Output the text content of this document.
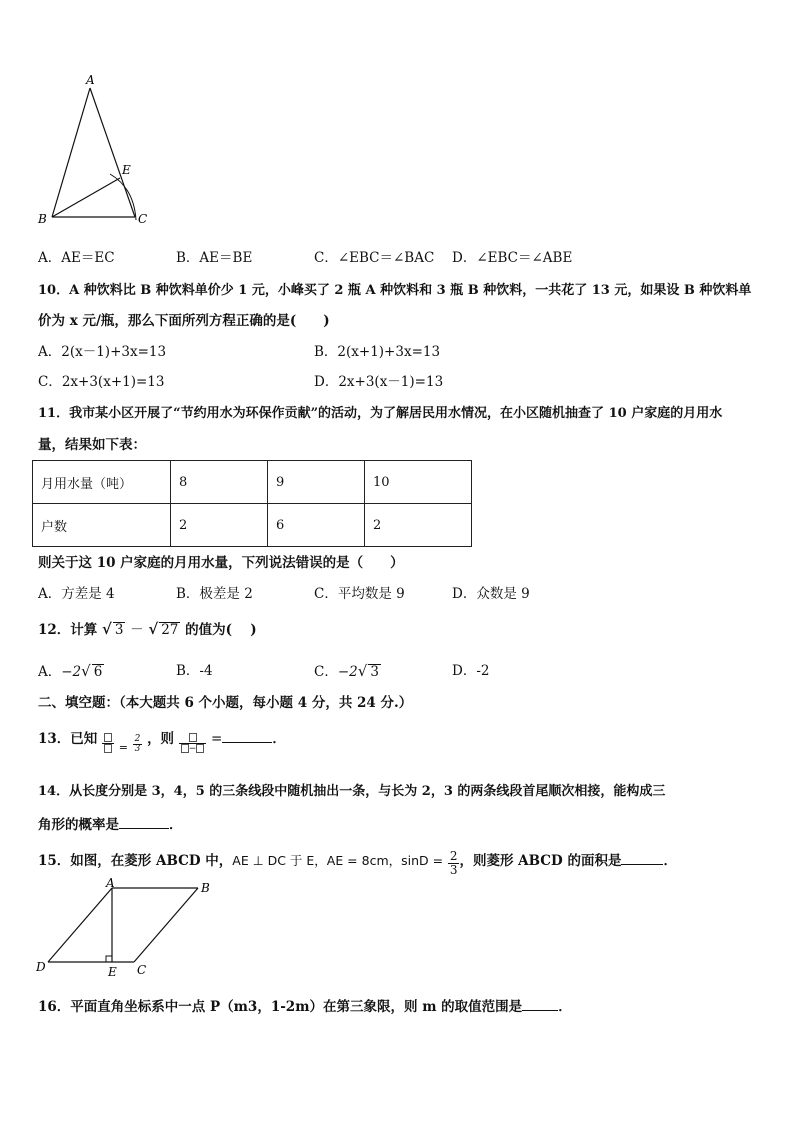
A
B	C
E
A．AE＝EC	B．AE＝BE	C．∠EBC＝∠BAC D．∠EBC＝∠ABE
10．A 种饮料比 B 种饮料单价少 1 元，小峰买了 2 瓶 A 种饮料和 3 瓶 B 种饮料，一共花了 13 元，如果设 B 种饮料单
价为 x 元/瓶，那么下面所列方程正确的是(　　)
A．2(x－1)+3x=13	B．2(x+1)+3x=13
C．2x+3(x+1)=13	D．2x+3(x－1)=13
11．我市某小区开展了“节约用水为环保作贡献”的活动，为了解居民用水情况，在小区随机抽查了 10 户家庭的月用水
量，结果如下表：
月用水量（吨）	8	9	10
户数	2	6	2
则关于这 10 户家庭的月用水量，下列说法错误的是（　　）
A．方差是 4	B．极差是 2	C．平均数是 9	D．众数是 9
12．计算 √ 3 － √ 27 的值为(　 )
A．−2√ 6	B．-4	C．−2√ 3	D．-2
二、填空题：（本大题共 6 个小题，每小题 4 分，共 24 分.）
13．已知
$_= \frac{2}{3}$ ，则
−
=	．
14．从长度分别是 3，4，5 的三条线段中随机抽出一条，与长为 2，3 的两条线段首尾顺次相接，能构成三
角形的概率是	．
15．如图，在菱形 ABCD 中，AE ⊥ DC 于 E，AE = 8cm，$\sin D = \frac{2}{3}$ ，则菱形 ABCD 的面积是	．
A	B
C
D	E
16．平面直角坐标系中一点 P（m3，1-2m）在第三象限，则 m 的取值范围是	．
